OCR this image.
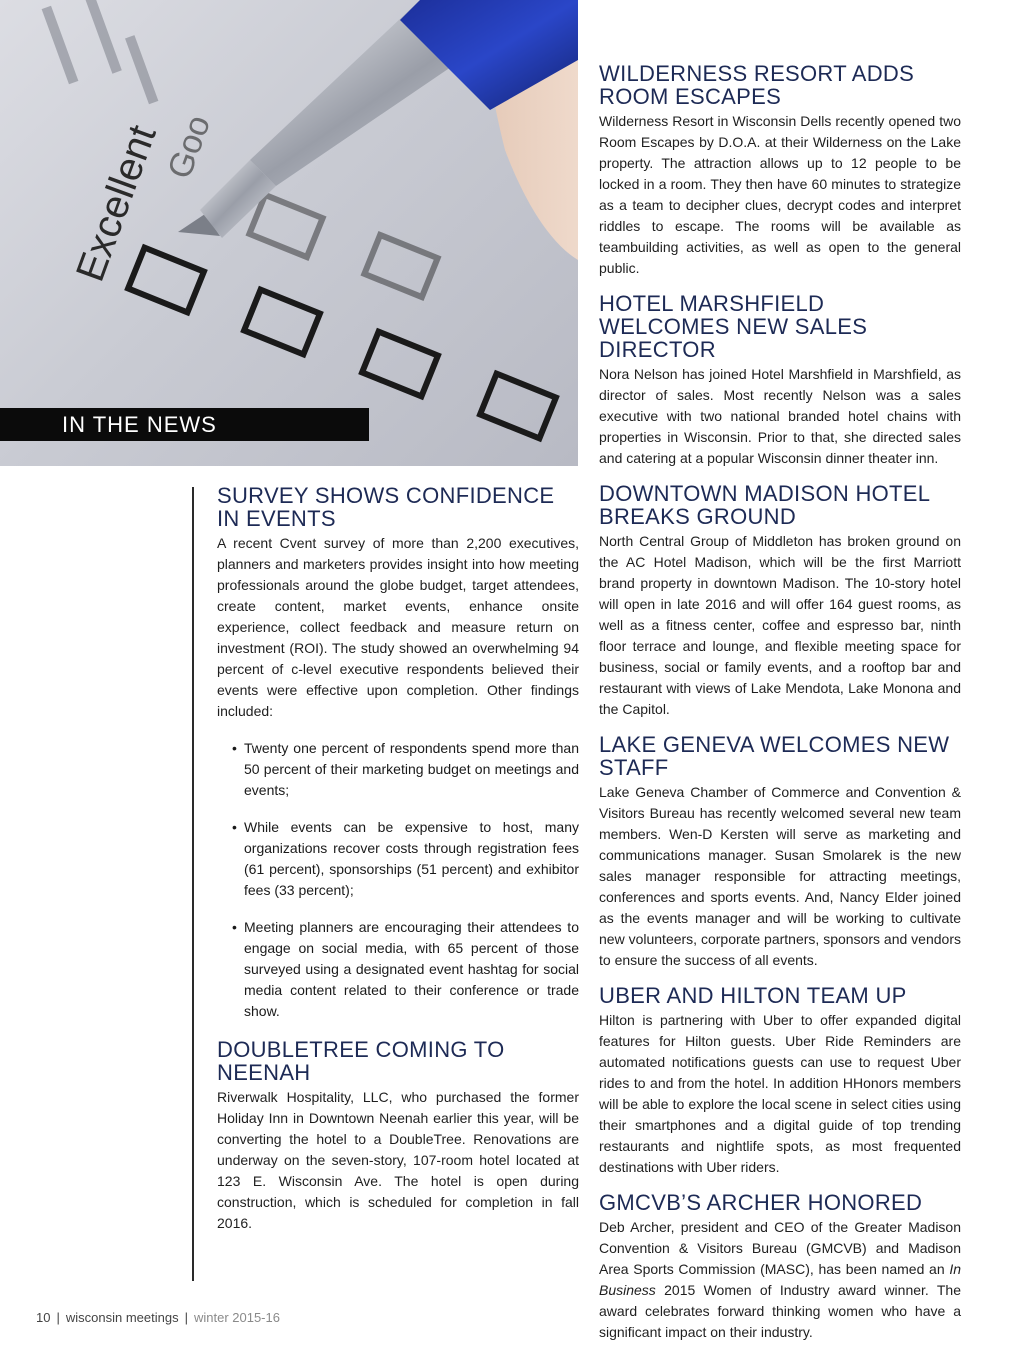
Excellent
Goo
IN THE NEWS
SURVEY SHOWS CONFIDENCE IN EVENTS

A recent Cvent survey of more than 2,200 executives, planners and marketers provides insight into how meeting professionals around the globe budget, target attendees, create content, market events, enhance onsite experience, collect feedback and measure return on investment (ROI). The study showed an overwhelming 94 percent of c-level executive respondents believed their events were effective upon completion. Other findings included:

• Twenty one percent of respondents spend more than 50 percent of their marketing budget on meetings and events;
• While events can be expensive to host, many organizations recover costs through registration fees (61 percent), sponsorships (51 percent) and exhibitor fees (33 percent);
• Meeting planners are encouraging their attendees to engage on social media, with 65 percent of those surveyed using a designated event hashtag for social media content related to their conference or trade show.
DOUBLETREE COMING TO NEENAH

Riverwalk Hospitality, LLC, who purchased the former Holiday Inn in Downtown Neenah earlier this year, will be converting the hotel to a DoubleTree. Renovations are underway on the seven-story, 107-room hotel located at 123 E. Wisconsin Ave. The hotel is open during construction, which is scheduled for completion in fall 2016.

WILDERNESS RESORT ADDS ROOM ESCAPES

Wilderness Resort in Wisconsin Dells recently opened two Room Escapes by D.O.A. at their Wilderness on the Lake property. The attraction allows up to 12 people to be locked in a room. They then have 60 minutes to strategize as a team to decipher clues, decrypt codes and interpret riddles to escape. The rooms will be available as teambuilding activities, as well as open to the general public.

HOTEL MARSHFIELD WELCOMES NEW SALES DIRECTOR

Nora Nelson has joined Hotel Marshfield in Marshfield, as director of sales. Most recently Nelson was a sales executive with two national branded hotel chains with properties in Wisconsin. Prior to that, she directed sales and catering at a popular Wisconsin dinner theater inn.

DOWNTOWN MADISON HOTEL BREAKS GROUND

North Central Group of Middleton has broken ground on the AC Hotel Madison, which will be the first Marriott brand property in downtown Madison. The 10-story hotel will open in late 2016 and will offer 164 guest rooms, as well as a fitness center, coffee and espresso bar, ninth floor terrace and lounge, and flexible meeting space for business, social or family events, and a rooftop bar and restaurant with views of Lake Mendota, Lake Monona and the Capitol.

LAKE GENEVA WELCOMES NEW STAFF

Lake Geneva Chamber of Commerce and Convention & Visitors Bureau has recently welcomed several new team members. Wen-D Kersten will serve as marketing and communications manager. Susan Smolarek is the new sales manager responsible for attracting meetings, conferences and sports events. And, Nancy Elder joined as the events manager and will be working to cultivate new volunteers, corporate partners, sponsors and vendors to ensure the success of all events.

UBER AND HILTON TEAM UP

Hilton is partnering with Uber to offer expanded digital features for Hilton guests. Uber Ride Reminders are automated notifications guests can use to request Uber rides to and from the hotel. In addition HHonors members will be able to explore the local scene in select cities using their smartphones and a digital guide of top trending restaurants and nightlife spots, as most frequented destinations with Uber riders.

GMCVB’S ARCHER HONORED

Deb Archer, president and CEO of the Greater Madison Convention & Visitors Bureau (GMCVB) and Madison Area Sports Commission (MASC), has been named an In Business 2015 Women of Industry award winner. The award celebrates forward thinking women who have a significant impact on their industry.

10 | wisconsin meetings | winter 2015-16
